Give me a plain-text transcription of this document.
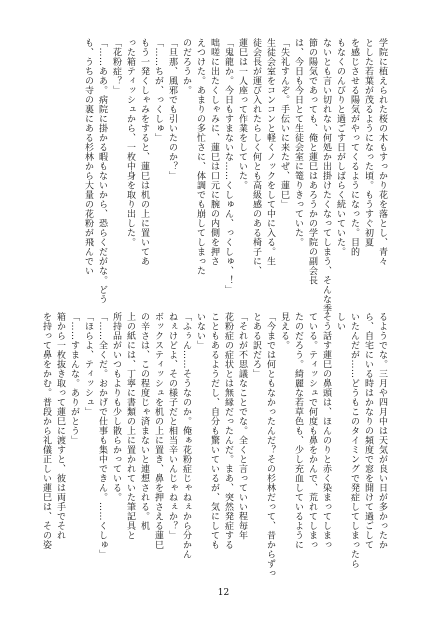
学院に植えられた桜の木もすっかり花を落とし、青々

とした若葉が茂るようになった頃。もうすぐ初夏

を感じさせる陽気がやってくるようになった。目的

もなくのんびりと過ごす日がしばらく続いていた。

ないとも言い切れない何処か出掛けたくなってしまう、そんな季

節の陽気であっても、俺と蓮巳はあろうかの学院の副会長

は、今日も今日とて生徒会室に篭りきっていた。

「失礼すんぞ。手伝いに来たぜ、蓮巳」

生徒会室をコンコンと軽くノックをして中に入る。生

徒会長が運び入れたらしく何とも高級感のある椅子に、

蓮巳は一人座って作業をしていた。

「鬼龍か。今日もすまないな……くしゅん、っくしゅ、！」

咄嗟に出たくしゃみに、蓮巳は口元に腕の内側を押さ

えつけた。あまりの多忙さに、体調でも崩してしまった

のだろうか。

「旦那、風邪でも引いたのか？」

「……ちが、っくしゅ」

もう一発くしゃみをすると、蓮巳は机の上に置いてあ

った箱ティッシュから、一枚中身を取り出した。

「花粉症？」

「……ああ。病院に掛かる暇もないから、恐らくだがな。どう

も、うちの寺の裏にある杉林から大量の花粉が飛んでい

るようでな。三月や四月中は天気が良い日が多かったか

ら、自宅にいる時はかなりの頻度で窓を開けて過ごして

いたんだが……どうもこのタイミングで発症してしまったら

しい

そう話す蓮巳の鼻頭は、ほんのりと赤く染まってしまっ

ている。ティッシュで何度も鼻をかんで、荒れてしまっ

たのだろう。綺麗な若草色も、少し充血しているように

見える。

「今までは何ともなかったんだ？その杉林だって、昔からずっ

とある訳だろ」

「それが不思議なことでな。全くと言っていい程毎年

花粉症の症状とは無縁だったんだ。まあ、突然発症する

こともあるようだし、自分も驚いているが、気にしても

いない」

「ふぅん……そうなのか。俺ぁ花粉症じゃねぇから分かん

ねぇけどよ、その様子だと相当辛いんじゃねぇか？」

ボックスティッシュを机の上に置き、鼻を押さえる蓮巳

の辛さは、この程度じゃ済まないと連想される。机

上の紙には、丁寧に書類の上に置かれていた筆記具と

所持品がいつもよりも少し散らかっている。

「……全くだ。おかげで仕事も集中できん。……くしゅ」

「ほらよ、ティッシュ」

「……すまんな。ありがとう」

箱から一枚抜き取って蓮巳に渡すと、彼は両手でそれ

を持って鼻をかむ。普段から礼儀正しい蓮巳は、その姿

12
